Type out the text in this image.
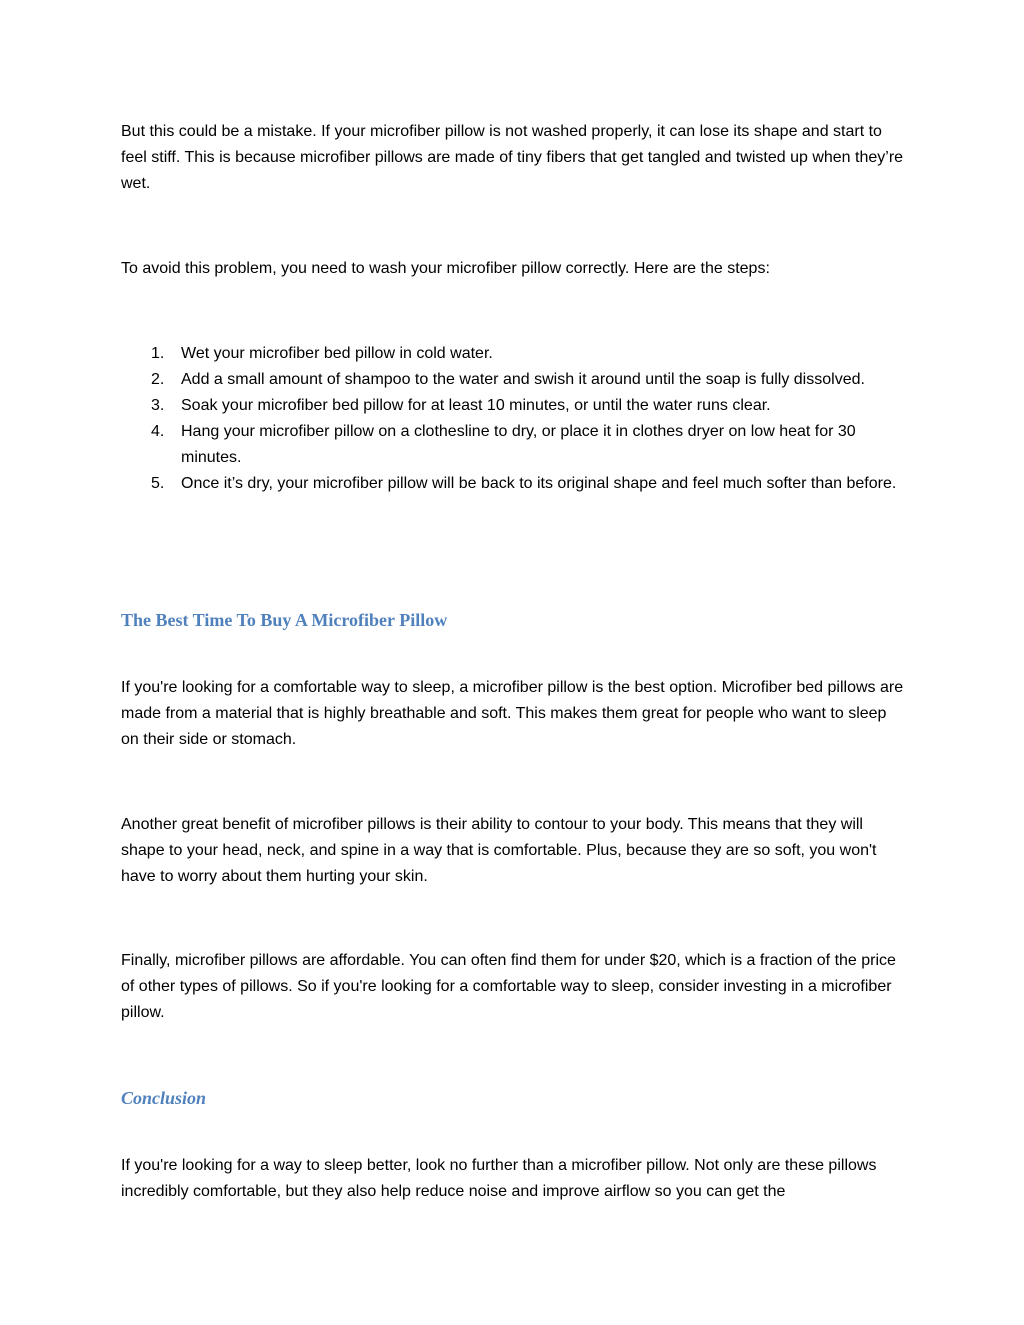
But this could be a mistake. If your microfiber pillow is not washed properly, it can lose its shape and start to feel stiff. This is because microfiber pillows are made of tiny fibers that get tangled and twisted up when they’re wet.

To avoid this problem, you need to wash your microfiber pillow correctly. Here are the steps:

1. Wet your microfiber bed pillow in cold water.
2. Add a small amount of shampoo to the water and swish it around until the soap is fully dissolved.
3. Soak your microfiber bed pillow for at least 10 minutes, or until the water runs clear.
4. Hang your microfiber pillow on a clothesline to dry, or place it in clothes dryer on low heat for 30 minutes.
5. Once it’s dry, your microfiber pillow will be back to its original shape and feel much softer than before.
The Best Time To Buy A Microfiber Pillow

If you're looking for a comfortable way to sleep, a microfiber pillow is the best option. Microfiber bed pillows are made from a material that is highly breathable and soft. This makes them great for people who want to sleep on their side or stomach.

Another great benefit of microfiber pillows is their ability to contour to your body. This means that they will shape to your head, neck, and spine in a way that is comfortable. Plus, because they are so soft, you won't have to worry about them hurting your skin.

Finally, microfiber pillows are affordable. You can often find them for under $20, which is a fraction of the price of other types of pillows. So if you're looking for a comfortable way to sleep, consider investing in a microfiber pillow.

Conclusion

If you're looking for a way to sleep better, look no further than a microfiber pillow. Not only are these pillows incredibly comfortable, but they also help reduce noise and improve airflow so you can get the
